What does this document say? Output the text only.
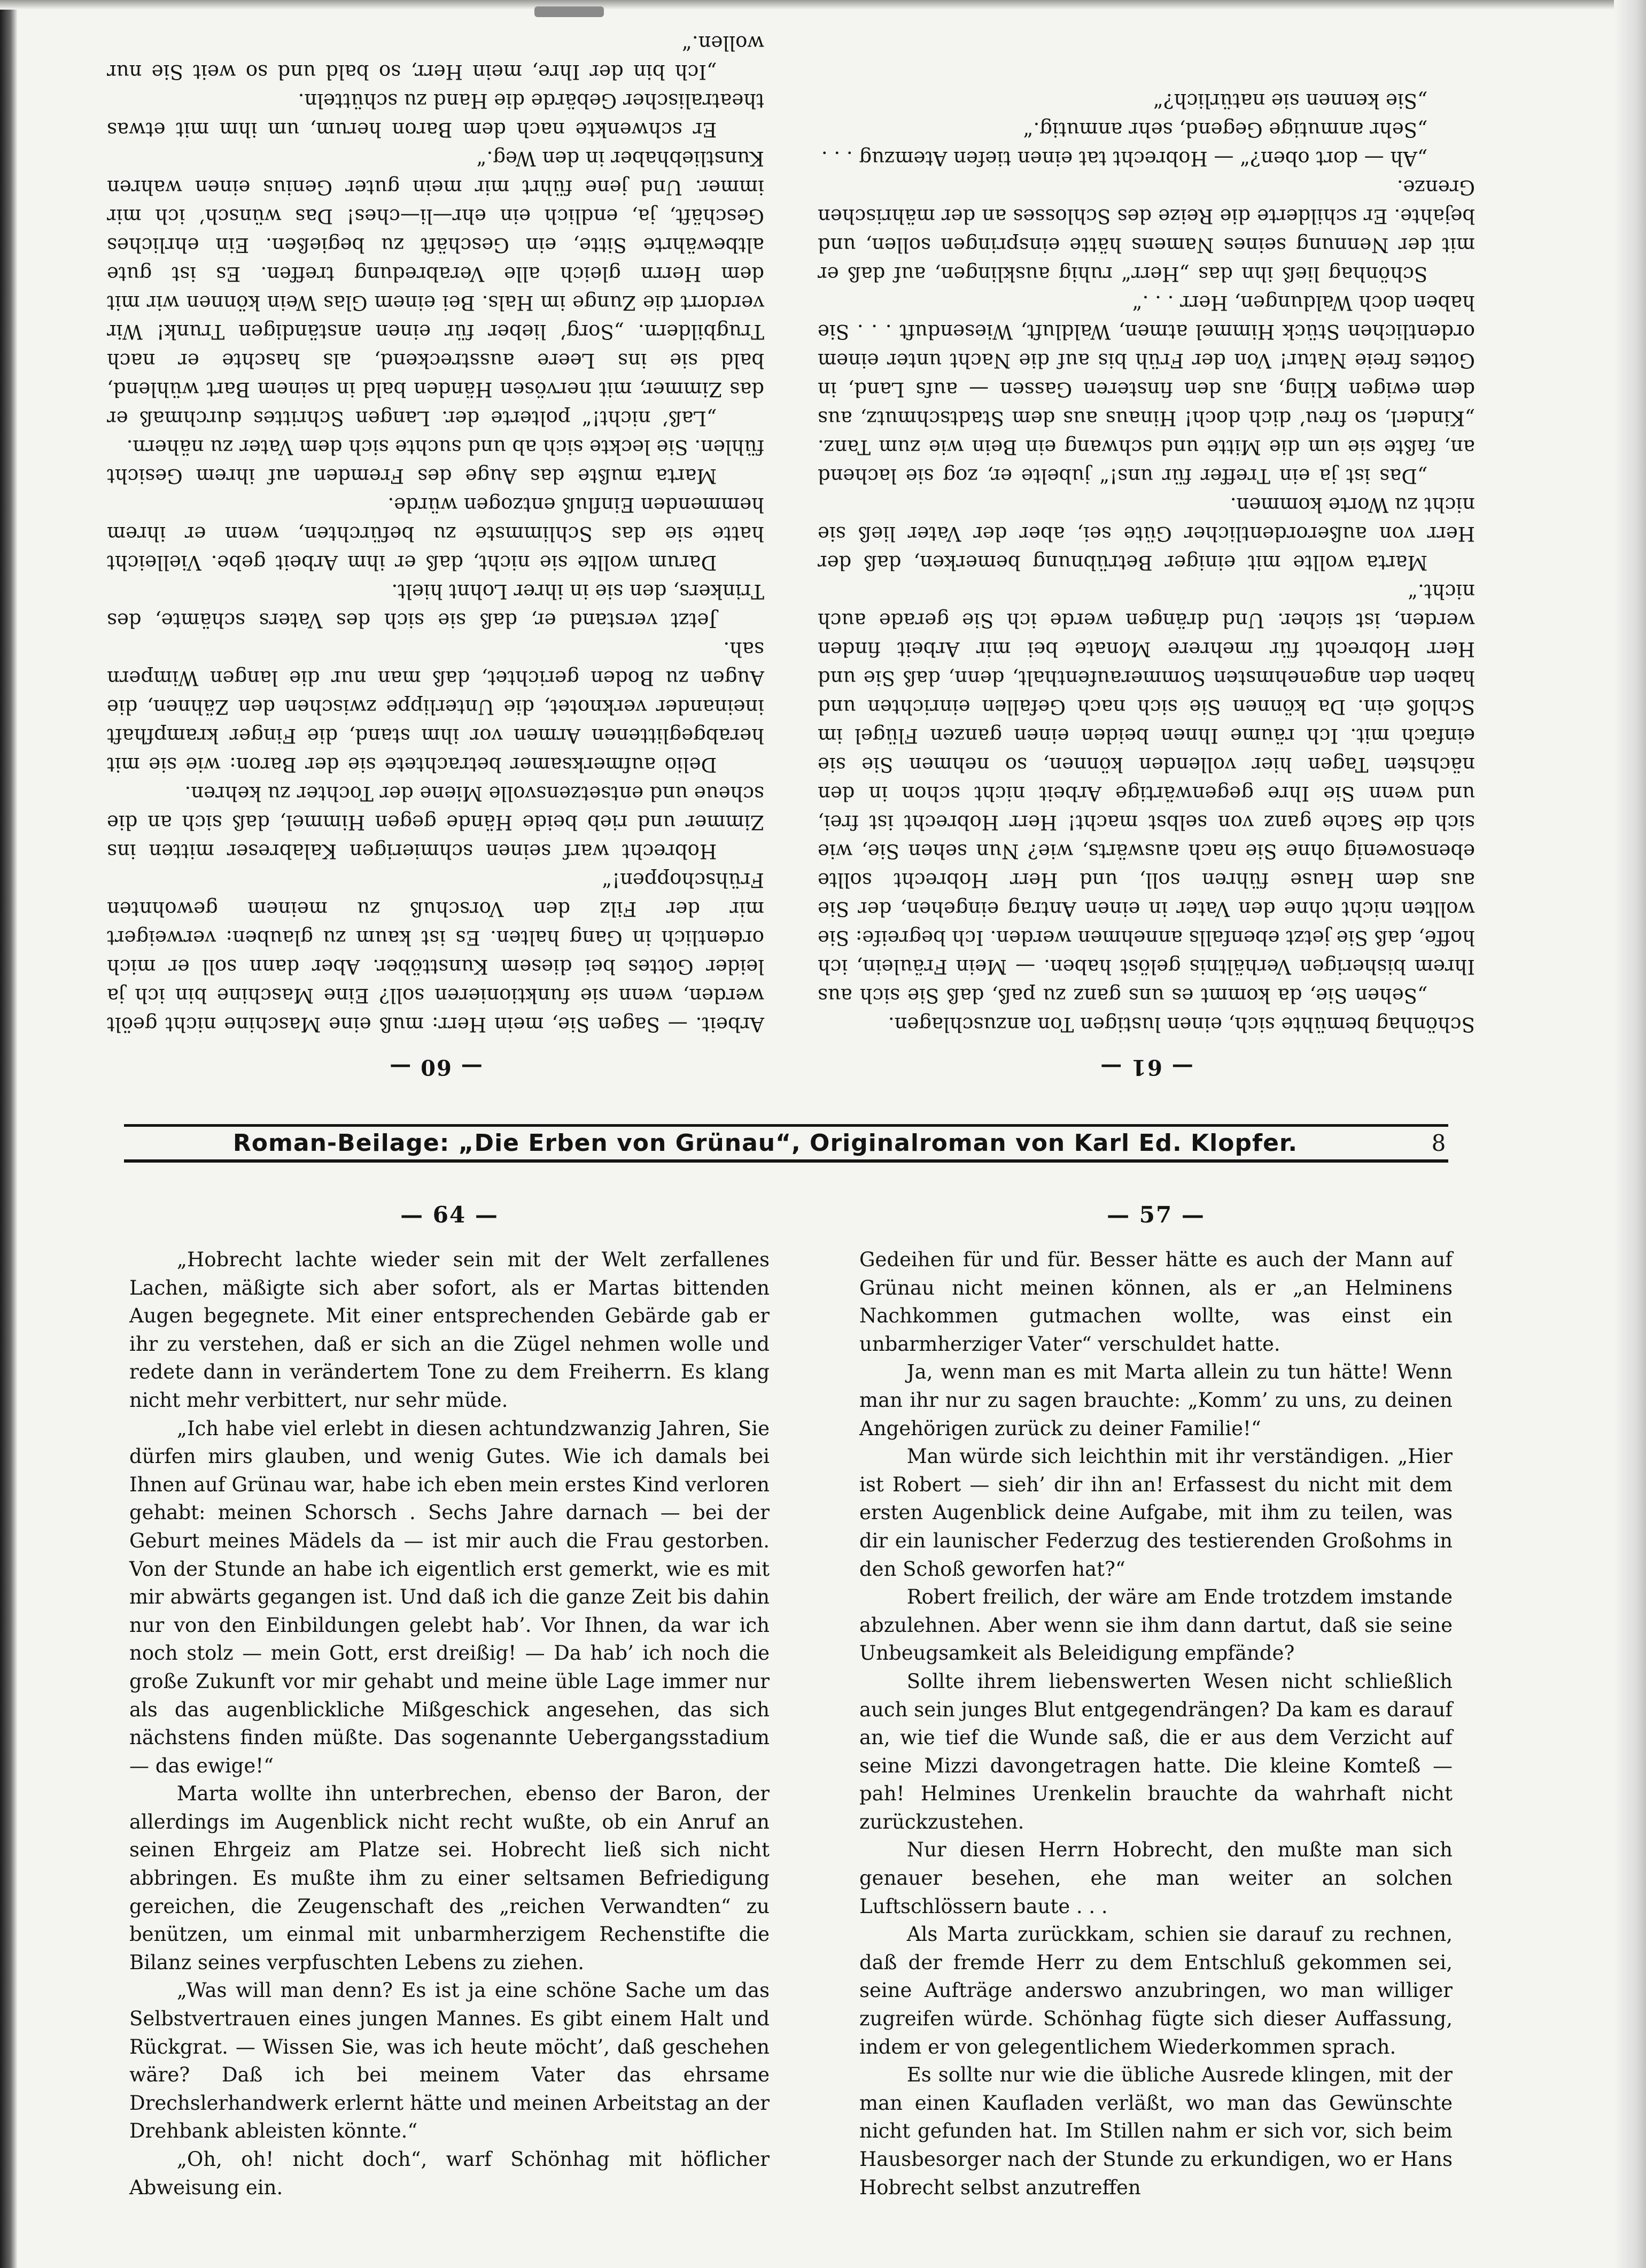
— 61 —

Schönhag bemühte sich, einen lustigen Ton anzuschlagen.

„Sehen Sie, da kommt es uns ganz zu paß, daß Sie sich aus Ihrem bisherigen Verhältnis gelöst haben. — Mein Fräulein, ich hoffe, daß Sie jetzt ebenfalls annehmen werden. Ich begreife: Sie wollten nicht ohne den Vater in einen Antrag eingehen, der Sie aus dem Hause führen soll, und Herr Hobrecht sollte ebensowenig ohne Sie nach auswärts, wie? Nun sehen Sie, wie sich die Sache ganz von selbst macht! Herr Hobrecht ist frei, und wenn Sie Ihre gegenwärtige Arbeit nicht schon in den nächsten Tagen hier vollenden können, so nehmen Sie sie einfach mit. Ich räume Ihnen beiden einen ganzen Flügel im Schloß ein. Da können Sie sich nach Gefallen einrichten und haben den angenehmsten Sommeraufenthalt, denn, daß Sie und Herr Hobrecht für mehrere Monate bei mir Arbeit finden werden, ist sicher. Und drängen werde ich Sie gerade auch nicht.“

Marta wollte mit einiger Betrübnung bemerken, daß der Herr von außerordentlicher Güte sei, aber der Vater ließ sie nicht zu Worte kommen.

„Das ist ja ein Treffer für uns!“ jubelte er, zog sie lachend an, faßte sie um die Mitte und schwang ein Bein wie zum Tanz. „Kinderl, so freu’ dich doch! Hinaus aus dem Stadtschmutz, aus dem ewigen Kling, aus den finsteren Gassen — aufs Land, in Gottes freie Natur! Von der Früh bis auf die Nacht unter einem ordentlichen Stück Himmel atmen, Waldluft, Wiesenduft . . . Sie haben doch Waldungen, Herr . . .“

Schönhag ließ ihn das „Herr“ ruhig ausklingen, auf daß er mit der Nennung seines Namens hätte einspringen sollen, und bejahte. Er schilderte die Reize des Schlosses an der mährischen Grenze.

„Ah — dort oben?“ — Hobrecht tat einen tiefen Atemzug . . .

„Sehr anmutige Gegend, sehr anmutig.“

„Sie kennen sie natürlich?“

— 60 —

Arbeit. — Sagen Sie, mein Herr: muß eine Maschine nicht geölt werden, wenn sie funktionieren soll? Eine Maschine bin ich ja leider Gottes bei diesem Kunsttöber. Aber dann soll er mich ordentlich in Gang halten. Es ist kaum zu glauben: verweigert mir der Filz den Vorschuß zu meinem gewohnten Frühschoppen!“

Hobrecht warf seinen schmierigen Kalabreser mitten ins Zimmer und rieb beide Hände gegen Himmel, daß sich an die scheue und entsetzensvolle Miene der Tochter zu kehren.

Delio aufmerksamer betrachtete sie der Baron: wie sie mit herabgeglittenen Armen vor ihm stand, die Finger krampfhaft ineinander verknotet, die Unterlippe zwischen den Zähnen, die Augen zu Boden gerichtet, daß man nur die langen Wimpern sah.

Jetzt verstand er, daß sie sich des Vaters schämte, des Trinkers, den sie in ihrer Lohnt hielt.

Darum wollte sie nicht, daß er ihm Arbeit gebe. Vielleicht hatte sie das Schlimmste zu befürchten, wenn er ihrem hemmenden Einfluß entzogen würde.

Marta mußte das Auge des Fremden auf ihrem Gesicht fühlen. Sie leckte sich ab und suchte sich dem Vater zu nähern.

„Laß’ nicht!“ polterte der. Langen Schrittes durchmaß er das Zimmer, mit nervösen Händen bald in seinem Bart wühlend, bald sie ins Leere ausstreckend, als haschte er nach Trugbildern. „Sorg’ lieber für einen anständigen Trunk! Wir verdorrt die Zunge im Hals. Bei einem Glas Wein können wir mit dem Herrn gleich alle Verabredung treffen. Es ist gute altbewährte Sitte, ein Geschäft zu begießen. Ein ehrliches Geschäft, ja, endlich ein ehr—li—ches! Das wünsch’ ich mir immer. Und jene führt mir mein guter Genius einen wahren Kunstliebhaber in den Weg.“

Er schwenkte nach dem Baron herum, um ihm mit etwas theatralischer Gebärde die Hand zu schütteln.

„Ich bin der Ihre, mein Herr, so bald und so weit Sie nur wollen.“

Roman-Beilage: „Die Erben von Grünau“, Originalroman von Karl Ed. Klopfer.	8
— 64 —

„Hobrecht lachte wieder sein mit der Welt zerfallenes Lachen, mäßigte sich aber sofort, als er Martas bittenden Augen begegnete. Mit einer entsprechenden Gebärde gab er ihr zu verstehen, daß er sich an die Zügel nehmen wolle und redete dann in verändertem Tone zu dem Freiherrn. Es klang nicht mehr verbittert, nur sehr müde.

„Ich habe viel erlebt in diesen achtundzwanzig Jahren, Sie dürfen mirs glauben, und wenig Gutes. Wie ich damals bei Ihnen auf Grünau war, habe ich eben mein erstes Kind verloren gehabt: meinen Schorsch . Sechs Jahre darnach — bei der Geburt meines Mädels da — ist mir auch die Frau gestorben. Von der Stunde an habe ich eigentlich erst gemerkt, wie es mit mir abwärts gegangen ist. Und daß ich die ganze Zeit bis dahin nur von den Einbildungen gelebt hab’. Vor Ihnen, da war ich noch stolz — mein Gott, erst dreißig! — Da hab’ ich noch die große Zukunft vor mir gehabt und meine üble Lage immer nur als das augenblickliche Mißgeschick angesehen, das sich nächstens finden müßte. Das sogenannte Uebergangsstadium — das ewige!“

Marta wollte ihn unterbrechen, ebenso der Baron, der allerdings im Augenblick nicht recht wußte, ob ein Anruf an seinen Ehrgeiz am Platze sei. Hobrecht ließ sich nicht abbringen. Es mußte ihm zu einer seltsamen Befriedigung gereichen, die Zeugenschaft des „reichen Verwandten“ zu benützen, um einmal mit unbarmherzigem Rechenstifte die Bilanz seines verpfuschten Lebens zu ziehen.

„Was will man denn? Es ist ja eine schöne Sache um das Selbstvertrauen eines jungen Mannes. Es gibt einem Halt und Rückgrat. — Wissen Sie, was ich heute möcht’, daß geschehen wäre? Daß ich bei meinem Vater das ehrsame Drechslerhandwerk erlernt hätte und meinen Arbeitstag an der Drehbank ableisten könnte.“

„Oh, oh! nicht doch“, warf Schönhag mit höflicher Abweisung ein.

— 57 —

Gedeihen für und für. Besser hätte es auch der Mann auf Grünau nicht meinen können, als er „an Helminens Nachkommen gutmachen wollte, was einst ein unbarmherziger Vater“ verschuldet hatte.

Ja, wenn man es mit Marta allein zu tun hätte! Wenn man ihr nur zu sagen brauchte: „Komm’ zu uns, zu deinen Angehörigen zurück zu deiner Familie!“

Man würde sich leichthin mit ihr verständigen. „Hier ist Robert — sieh’ dir ihn an! Erfassest du nicht mit dem ersten Augenblick deine Aufgabe, mit ihm zu teilen, was dir ein launischer Federzug des testierenden Großohms in den Schoß geworfen hat?“

Robert freilich, der wäre am Ende trotzdem imstande abzulehnen. Aber wenn sie ihm dann dartut, daß sie seine Unbeugsamkeit als Beleidigung empfände?

Sollte ihrem liebenswerten Wesen nicht schließlich auch sein junges Blut entgegendrängen? Da kam es darauf an, wie tief die Wunde saß, die er aus dem Verzicht auf seine Mizzi davongetragen hatte. Die kleine Komteß — pah! Helmines Urenkelin brauchte da wahrhaft nicht zurückzustehen.

Nur diesen Herrn Hobrecht, den mußte man sich genauer besehen, ehe man weiter an solchen Luftschlössern baute . . .

Als Marta zurückkam, schien sie darauf zu rechnen, daß der fremde Herr zu dem Entschluß gekommen sei, seine Aufträge anderswo anzubringen, wo man williger zugreifen würde. Schönhag fügte sich dieser Auffassung, indem er von gelegentlichem Wiederkommen sprach.

Es sollte nur wie die übliche Ausrede klingen, mit der man einen Kaufladen verläßt, wo man das Gewünschte nicht gefunden hat. Im Stillen nahm er sich vor, sich beim Hausbesorger nach der Stunde zu erkundigen, wo er Hans Hobrecht selbst anzutreffen
